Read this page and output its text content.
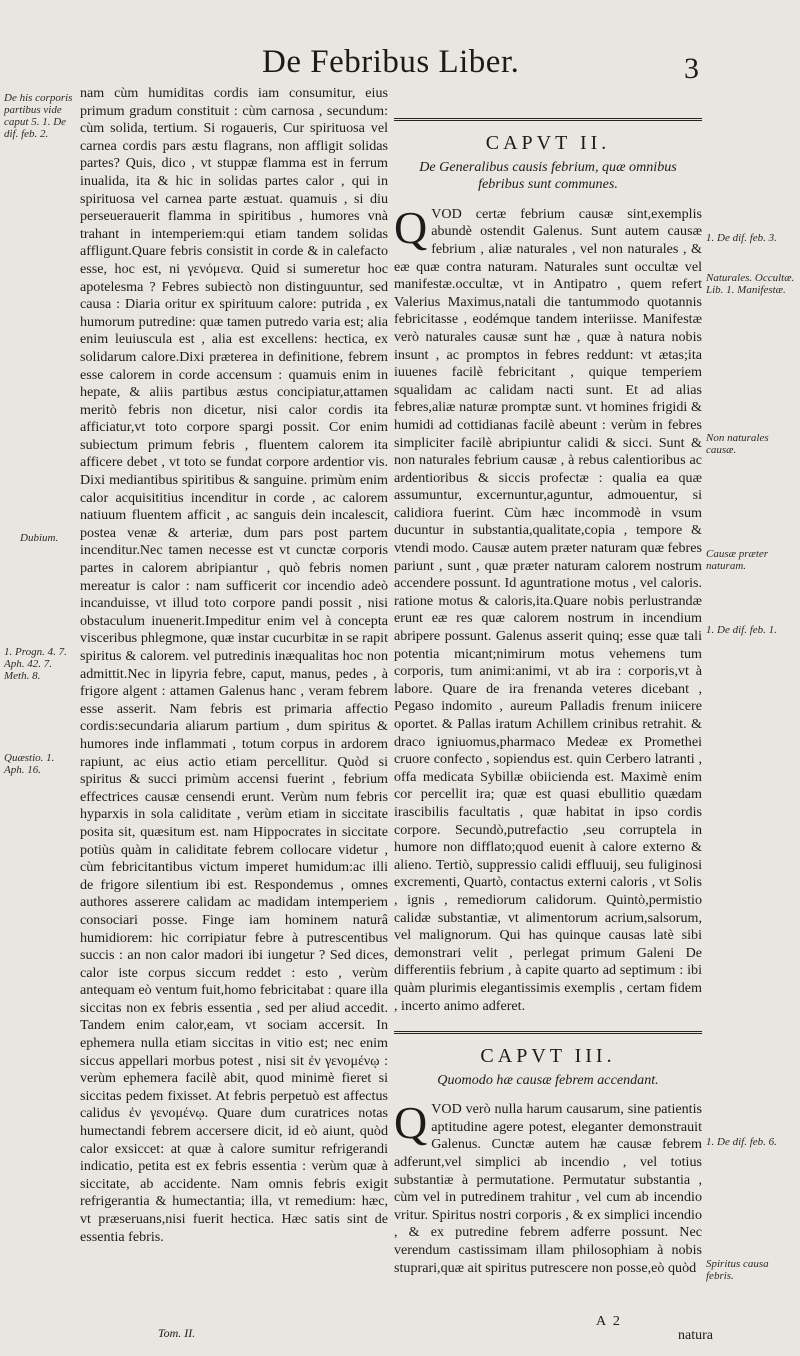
De Febribus Liber.	3

nam cùm humiditas cordis iam consumitur, eius primum gradum constituit : cùm carnosa , secundum: cùm solida, tertium. Si rogaueris, Cur spirituosa vel carnea cordis pars æstu flagrans, non affligit solidas partes? Quis, dico , vt stuppæ flamma est in ferrum inualida, ita & hic in solidas partes calor , qui in spirituosa vel carnea parte æstuat. quamuis , si diu perseuerauerit flamma in spiritibus , humores vnà trahant in intemperiem:qui etiam tandem solidas affligunt.Quare febris consistit in corde & in calefacto esse, hoc est, ni γενόμενα. Quid si sumeretur hoc apotelesma ? Febres subiectò non distinguuntur, sed causa : Diaria oritur ex spirituum calore: putrida , ex humorum putredine: quæ tamen putredo varia est; alia enim leuiuscula est , alia est excellens: hectica, ex solidarum calore.Dixi præterea in definitione, febrem esse calorem in corde accensum : quamuis enim in hepate, & aliis partibus æstus concipiatur,attamen meritò febris non dicetur, nisi calor cordis ita afficiatur,vt toto corpore spargi possit. Cor enim subiectum primum febris , fluentem calorem ita afficere debet , vt toto se fundat corpore ardentior vis. Dixi mediantibus spiritibus & sanguine. primùm enim calor acquisititius incenditur in corde , ac calorem natiuum fluentem afficit , ac sanguis dein incalescit, postea venæ & arteriæ, dum pars post partem incenditur.Nec tamen necesse est vt cunctæ corporis partes in calorem abripiantur , quò febris nomen mereatur is calor : nam sufficerit cor incendio adeò incanduisse, vt illud toto corpore pandi possit , nisi obstaculum inuenerit.Impeditur enim vel à concepta visceribus phlegmone, quæ instar cucurbitæ in se rapit spiritus & calorem. vel putredinis inæqualitas hoc non admittit.Nec in lipyria febre, caput, manus, pedes , à frigore algent : attamen Galenus hanc , veram febrem esse asserit. Nam febris est primaria affectio cordis:secundaria aliarum partium , dum spiritus & humores inde inflammati , totum corpus in ardorem rapiunt, ac eius actio etiam percellitur. Quòd si spiritus & succi primùm accensi fuerint , febrium effectrices causæ censendi erunt. Verùm num febris hyparxis in sola caliditate , verùm etiam in siccitate posita sit, quæsitum est. nam Hippocrates in siccitate potiùs quàm in caliditate febrem collocare videtur , cùm febricitantibus victum imperet humidum:ac illi de frigore silentium ibi est. Respondemus , omnes authores asserere calidam ac madidam intemperiem consociari posse. Finge iam hominem naturâ humidiorem: hic corripiatur febre à putrescentibus succis : an non calor madori ibi iungetur ? Sed dices, calor iste corpus siccum reddet : esto , verùm antequam eò ventum fuit,homo febricitabat : quare illa siccitas non ex febris essentia , sed per aliud accedit. Tandem enim calor,eam, vt sociam accersit. In ephemera nulla etiam siccitas in vitio est; nec enim siccus appellari morbus potest , nisi sit ἐν γενομένῳ : verùm ephemera facilè abit, quod minimè fieret si siccitas pedem fixisset. At febris perpetuò est affectus calidus ἐν γενομένῳ. Quare dum curatrices notas humectandi febrem accersere dicit, id eò aiunt, quòd calor exsiccet: at quæ à calore sumitur refrigerandi indicatio, petita est ex febris essentia : verùm quæ à siccitate, ab accidente. Nam omnis febris exigit refrigerantia & humectantia; illa, vt remedium: hæc, vt præseruans,nisi fuerit hectica. Hæc satis sint de essentia febris.

CAPVT II.
De Generalibus causis febrium, quæ omnibus febribus sunt communes.

QVOD certæ febrium causæ sint,exemplis abundè ostendit Galenus. Sunt autem causæ febrium , aliæ naturales , vel non naturales , & eæ quæ contra naturam. Naturales sunt occultæ vel manifestæ.occultæ, vt in Antipatro , quem refert Valerius Maximus,natali die tantummodo quotannis febricitasse , eodémque tandem interiisse. Manifestæ verò naturales causæ sunt hæ , quæ à natura nobis insunt , ac promptos in febres reddunt: vt ætas;ita iuuenes facilè febricitant , quique temperiem squalidam ac calidam nacti sunt. Et ad alias febres,aliæ naturæ promptæ sunt. vt homines frigidi & humidi ad cottidianas facilè abeunt : verùm in febres simpliciter facilè abripiuntur calidi & sicci. Sunt & non naturales febrium causæ , à rebus calentioribus ac ardentioribus & siccis profectæ : qualia ea quæ assumuntur, excernuntur,aguntur, admouentur, si calidiora fuerint. Cùm hæc incommodè in vsum ducuntur in substantia,qualitate,copia , tempore & vtendi modo. Causæ autem præter naturam quæ febres pariunt , sunt , quæ præter naturam calorem nostrum accendere possunt. Id aguntratione motus , vel caloris. ratione motus & caloris,ita.Quare nobis perlustrandæ erunt eæ res quæ calorem nostrum in incendium abripere possunt. Galenus asserit quinq; esse quæ tali potentia micant;nimirum motus vehemens tum corporis, tum animi:animi, vt ab ira : corporis,vt à labore. Quare de ira frenanda veteres dicebant , Pegaso indomito , aureum Palladis frenum iniicere oportet. & Pallas iratum Achillem crinibus retrahit. & draco igniuomus,pharmaco Medeæ ex Promethei cruore confecto , sopiendus est. quin Cerbero latranti , offa medicata Sybillæ obiicienda est. Maximè enim cor percellit ira; quæ est quasi ebullitio quædam irascibilis facultatis , quæ habitat in ipso cordis corpore. Secundò,putrefactio ,seu corruptela in humore non difflato;quod euenit à calore externo & alieno. Tertiò, suppressio calidi effluuij, seu fuliginosi excrementi, Quartò, contactus externi caloris , vt Solis , ignis , remediorum calidorum. Quintò,permistio calidæ substantiæ, vt alimentorum acrium,salsorum, vel malignorum. Qui has quinque causas latè sibi demonstrari velit , perlegat primum Galeni De differentiis febrium , à capite quarto ad septimum : ibi quàm plurimis elegantissimis exemplis , certam fidem , incerto animo adferet.

CAPVT III.
Quomodo hæ causæ febrem accendant.

QVOD verò nulla harum causarum, sine patientis aptitudine agere potest, eleganter demonstrauit Galenus. Cunctæ autem hæ causæ febrem adferunt,vel simplici ab incendio , vel totius substantiæ à permutatione. Permutatur substantia , cùm vel in putredinem trahitur , vel cum ab incendio vritur. Spiritus nostri corporis , & ex simplici incendio , & ex putredine febrem adferre possunt. Nec verendum castissimam illam philosophiam à nobis stuprari,quæ ait spiritus putrescere non posse,eò quòd

De his corporis partibus vide caput 5. 1. De dif. feb. 2.
Dubium.
1. Progn. 4. 7. Aph. 42. 7. Meth. 8.
Quæstio. 1. Aph. 16.
1. De dif. feb. 3.
Naturales. Occultæ. Lib. 1. Manifestæ.
Non naturales causæ.
Causæ præter naturam.
1. De dif. feb. 1.
1. De dif. feb. 6.
Spiritus causa febris.
Tom. II.
A 2
natura
